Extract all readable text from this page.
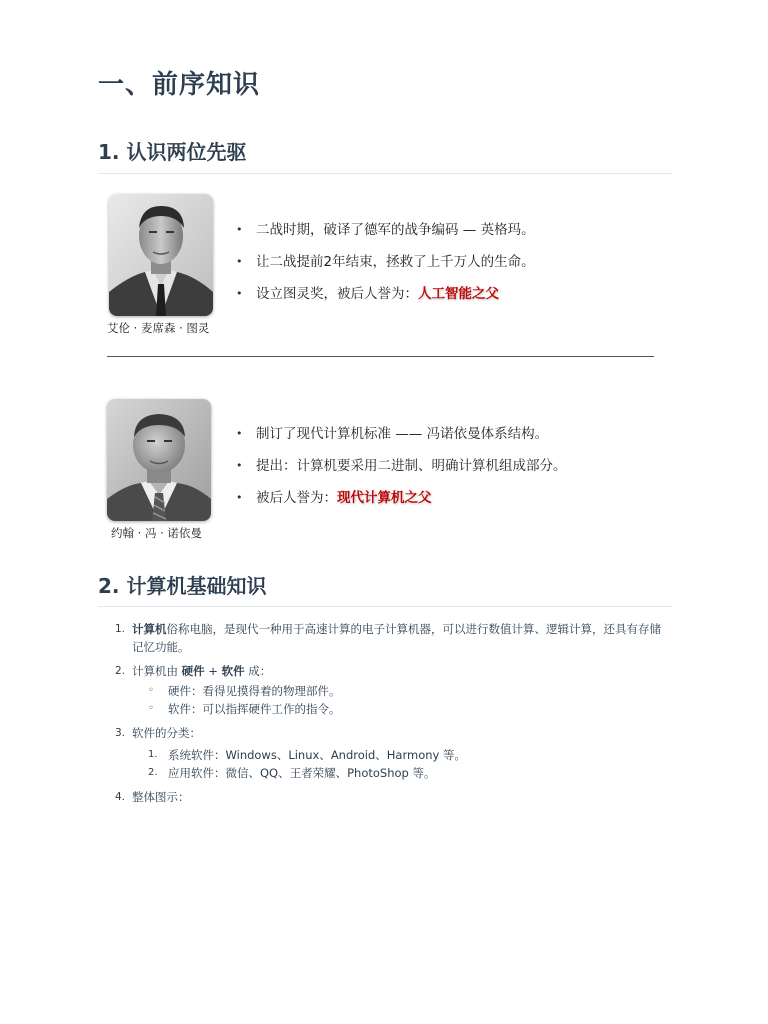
一、前序知识
1. 认识两位先驱
艾伦 · 麦席森 · 图灵
• 二战时期，破译了德军的战争编码 — 英格玛。
• 让二战提前2年结束，拯救了上千万人的生命。
• 设立图灵奖，被后人誉为：人工智能之父
约翰 · 冯 · 诺依曼
• 制订了现代计算机标准 —— 冯诺依曼体系结构。
• 提出：计算机要采用二进制、明确计算机组成部分。
• 被后人誉为：现代计算机之父
2. 计算机基础知识
1. 计算机俗称电脑，是现代一种用于高速计算的电子计算机器，可以进行数值计算、逻辑计算，还具有存储记忆功能。
2. 计算机由 硬件 + 软件 成：
◦ 硬件：看得见摸得着的物理部件。
◦ 软件：可以指挥硬件工作的指令。
3. 软件的分类：
1. 系统软件：Windows、Linux、Android、Harmony 等。
2. 应用软件：微信、QQ、王者荣耀、PhotoShop 等。
4. 整体图示：
